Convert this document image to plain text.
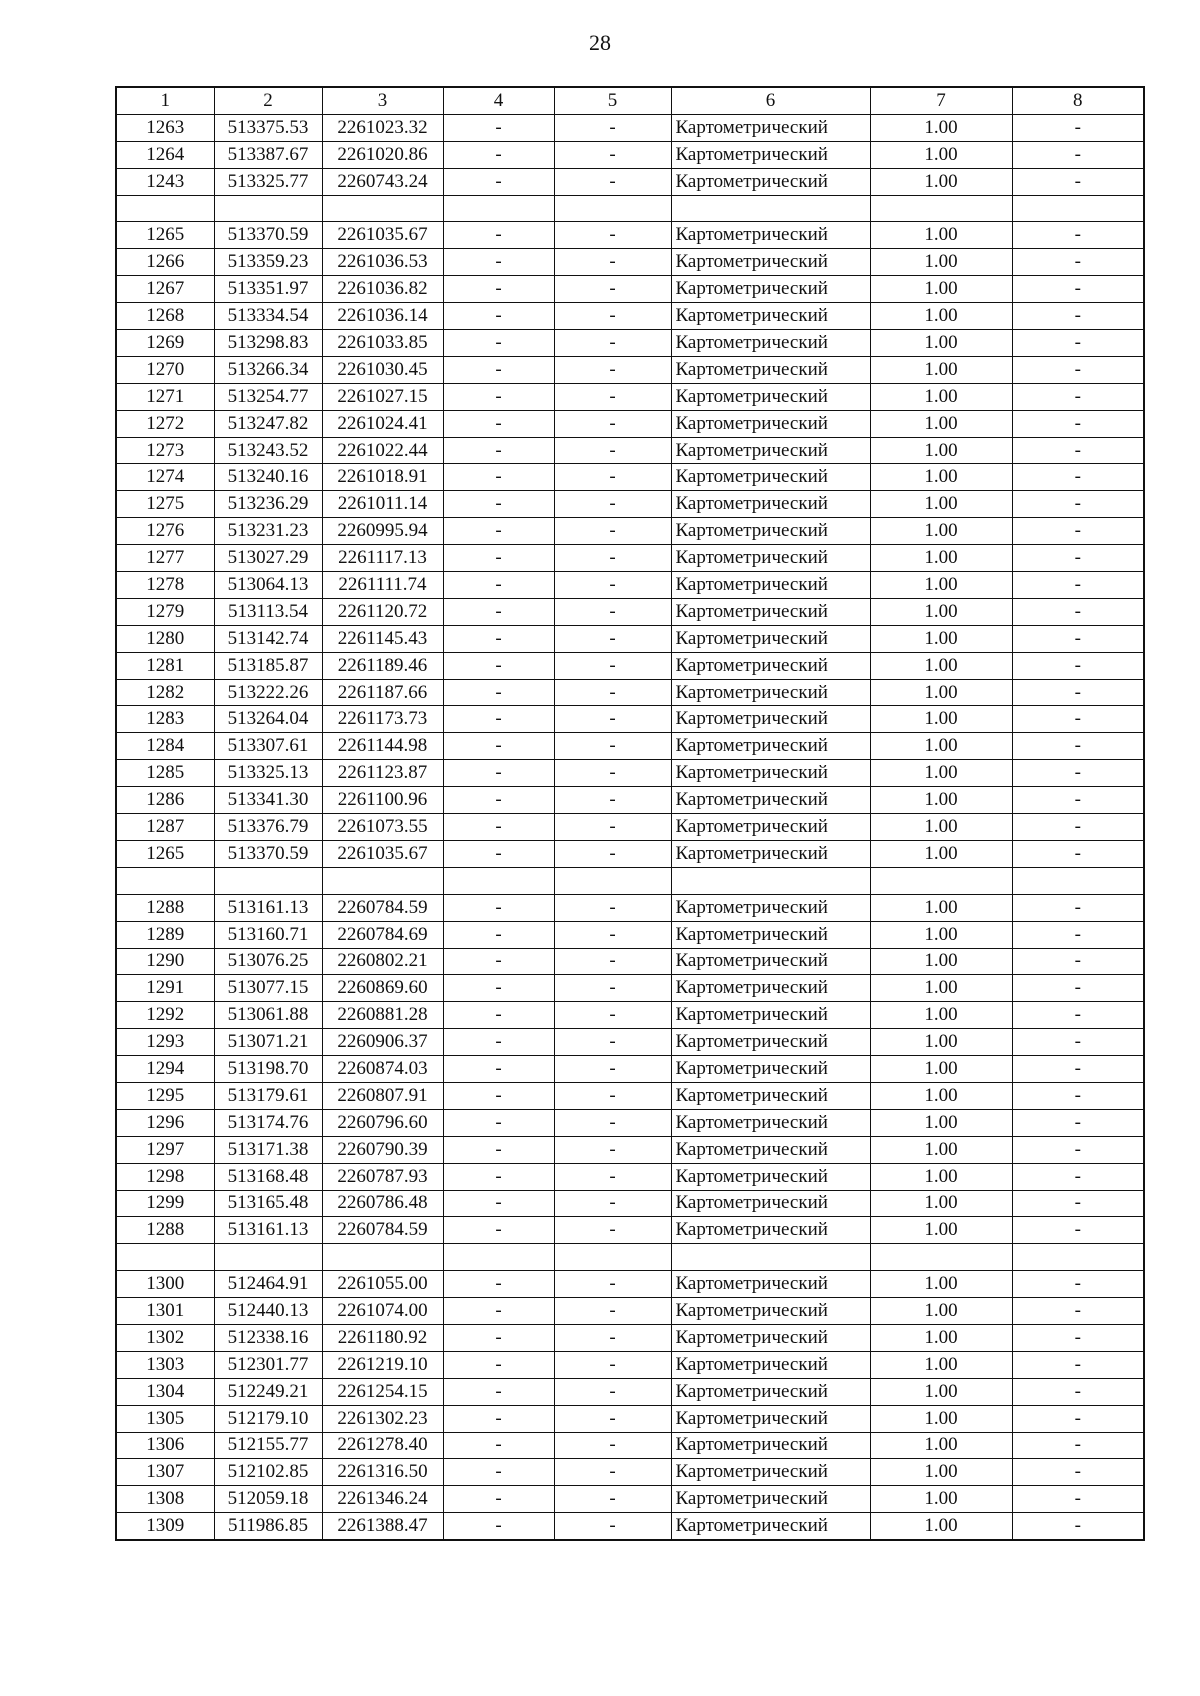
28
1	2	3	4	5	6	7	8
1263	513375.53	2261023.32	-	-	Картометрический	1.00	-
1264	513387.67	2261020.86	-	-	Картометрический	1.00	-
1243	513325.77	2260743.24	-	-	Картометрический	1.00	-

1265	513370.59	2261035.67	-	-	Картометрический	1.00	-
1266	513359.23	2261036.53	-	-	Картометрический	1.00	-
1267	513351.97	2261036.82	-	-	Картометрический	1.00	-
1268	513334.54	2261036.14	-	-	Картометрический	1.00	-
1269	513298.83	2261033.85	-	-	Картометрический	1.00	-
1270	513266.34	2261030.45	-	-	Картометрический	1.00	-
1271	513254.77	2261027.15	-	-	Картометрический	1.00	-
1272	513247.82	2261024.41	-	-	Картометрический	1.00	-
1273	513243.52	2261022.44	-	-	Картометрический	1.00	-
1274	513240.16	2261018.91	-	-	Картометрический	1.00	-
1275	513236.29	2261011.14	-	-	Картометрический	1.00	-
1276	513231.23	2260995.94	-	-	Картометрический	1.00	-
1277	513027.29	2261117.13	-	-	Картометрический	1.00	-
1278	513064.13	2261111.74	-	-	Картометрический	1.00	-
1279	513113.54	2261120.72	-	-	Картометрический	1.00	-
1280	513142.74	2261145.43	-	-	Картометрический	1.00	-
1281	513185.87	2261189.46	-	-	Картометрический	1.00	-
1282	513222.26	2261187.66	-	-	Картометрический	1.00	-
1283	513264.04	2261173.73	-	-	Картометрический	1.00	-
1284	513307.61	2261144.98	-	-	Картометрический	1.00	-
1285	513325.13	2261123.87	-	-	Картометрический	1.00	-
1286	513341.30	2261100.96	-	-	Картометрический	1.00	-
1287	513376.79	2261073.55	-	-	Картометрический	1.00	-
1265	513370.59	2261035.67	-	-	Картометрический	1.00	-

1288	513161.13	2260784.59	-	-	Картометрический	1.00	-
1289	513160.71	2260784.69	-	-	Картометрический	1.00	-
1290	513076.25	2260802.21	-	-	Картометрический	1.00	-
1291	513077.15	2260869.60	-	-	Картометрический	1.00	-
1292	513061.88	2260881.28	-	-	Картометрический	1.00	-
1293	513071.21	2260906.37	-	-	Картометрический	1.00	-
1294	513198.70	2260874.03	-	-	Картометрический	1.00	-
1295	513179.61	2260807.91	-	-	Картометрический	1.00	-
1296	513174.76	2260796.60	-	-	Картометрический	1.00	-
1297	513171.38	2260790.39	-	-	Картометрический	1.00	-
1298	513168.48	2260787.93	-	-	Картометрический	1.00	-
1299	513165.48	2260786.48	-	-	Картометрический	1.00	-
1288	513161.13	2260784.59	-	-	Картометрический	1.00	-

1300	512464.91	2261055.00	-	-	Картометрический	1.00	-
1301	512440.13	2261074.00	-	-	Картометрический	1.00	-
1302	512338.16	2261180.92	-	-	Картометрический	1.00	-
1303	512301.77	2261219.10	-	-	Картометрический	1.00	-
1304	512249.21	2261254.15	-	-	Картометрический	1.00	-
1305	512179.10	2261302.23	-	-	Картометрический	1.00	-
1306	512155.77	2261278.40	-	-	Картометрический	1.00	-
1307	512102.85	2261316.50	-	-	Картометрический	1.00	-
1308	512059.18	2261346.24	-	-	Картометрический	1.00	-
1309	511986.85	2261388.47	-	-	Картометрический	1.00	-
